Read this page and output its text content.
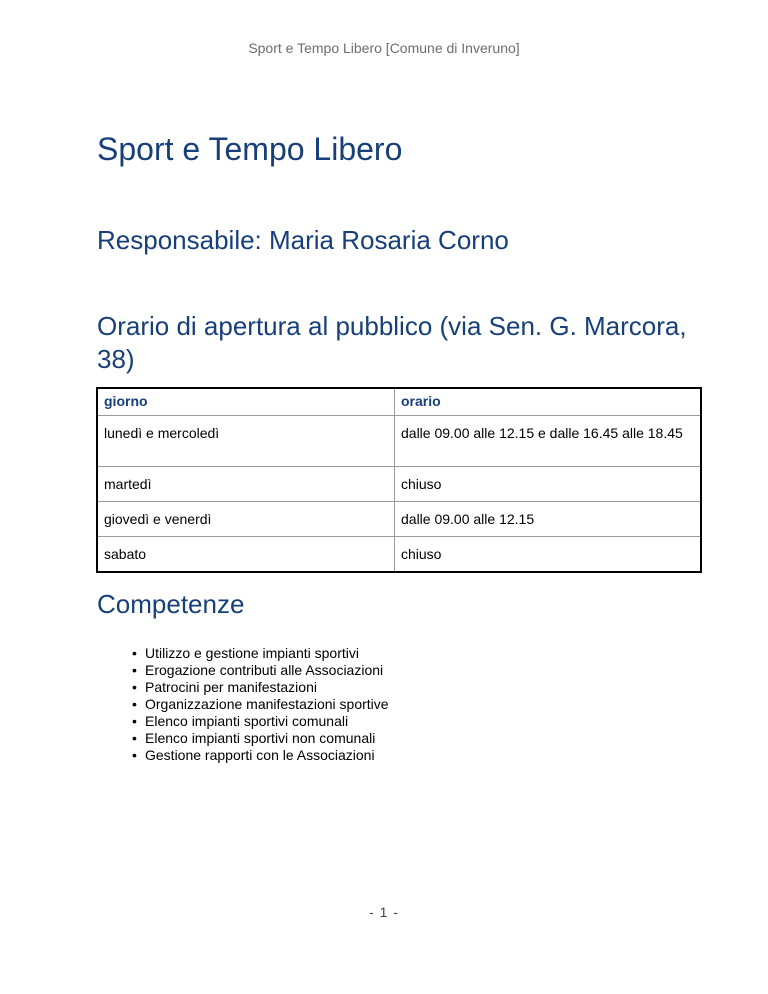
Sport e Tempo Libero [Comune di Inveruno]
Sport e Tempo Libero
Responsabile: Maria Rosaria Corno
Orario di apertura al pubblico (via Sen. G. Marcora, 38)
giorno	orario
lunedì e mercoledì	dalle 09.00 alle 12.15 e dalle 16.45 alle 18.45
martedì	chiuso
giovedì e venerdì	dalle 09.00 alle 12.15
sabato	chiuso
Competenze
• Utilizzo e gestione impianti sportivi
• Erogazione contributi alle Associazioni
• Patrocini per manifestazioni
• Organizzazione manifestazioni sportive
• Elenco impianti sportivi comunali
• Elenco impianti sportivi non comunali
• Gestione rapporti con le Associazioni
- 1 -
